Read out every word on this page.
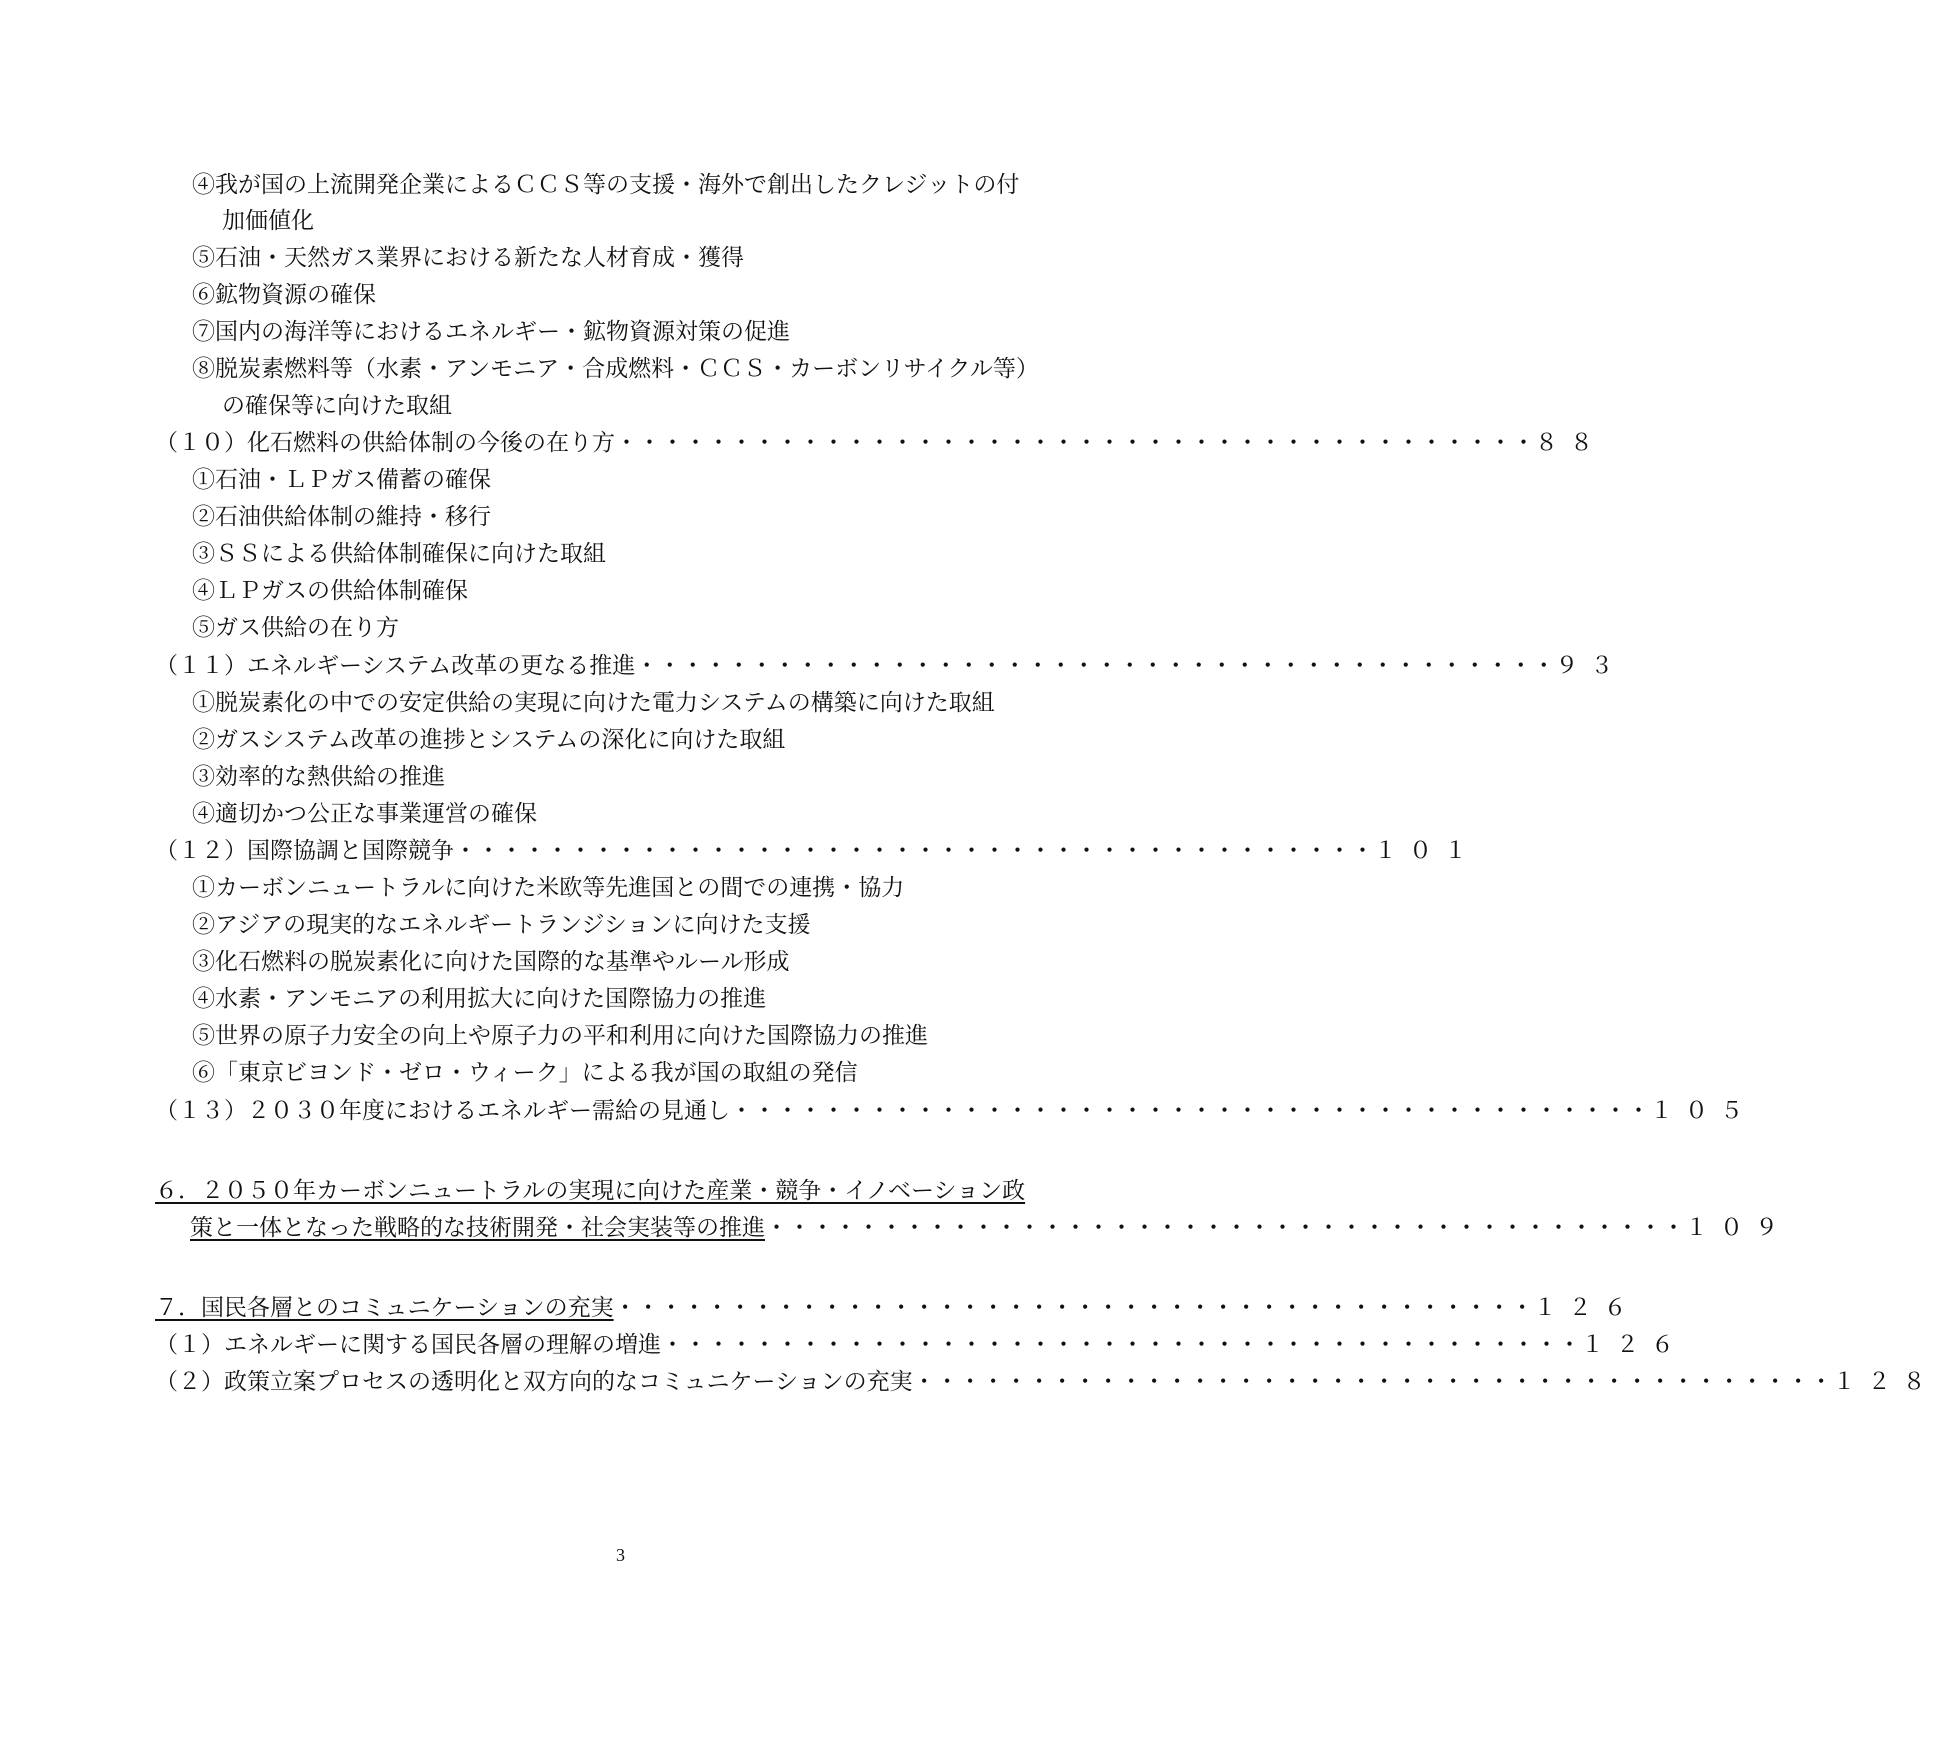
④我が国の上流開発企業によるＣＣＳ等の支援・海外で創出したクレジットの付
加価値化
⑤石油・天然ガス業界における新たな人材育成・獲得
⑥鉱物資源の確保
⑦国内の海洋等におけるエネルギー・鉱物資源対策の促進
⑧脱炭素燃料等（水素・アンモニア・合成燃料・ＣＣＳ・カーボンリサイクル等）
の確保等に向けた取組
（１０）化石燃料の供給体制の今後の在り方 ・・・・・・・・・・・・・・・・・・・・・・・・・・・・・・・・・・・・・・・・ ８８
①石油・ＬＰガス備蓄の確保
②石油供給体制の維持・移行
③ＳＳによる供給体制確保に向けた取組
④ＬＰガスの供給体制確保
⑤ガス供給の在り方
（１１）エネルギーシステム改革の更なる推進 ・・・・・・・・・・・・・・・・・・・・・・・・・・・・・・・・・・・・・・・・ ９３
①脱炭素化の中での安定供給の実現に向けた電力システムの構築に向けた取組
②ガスシステム改革の進捗とシステムの深化に向けた取組
③効率的な熱供給の推進
④適切かつ公正な事業運営の確保
（１２）国際協調と国際競争 ・・・・・・・・・・・・・・・・・・・・・・・・・・・・・・・・・・・・・・・・ １０１
①カーボンニュートラルに向けた米欧等先進国との間での連携・協力
②アジアの現実的なエネルギートランジションに向けた支援
③化石燃料の脱炭素化に向けた国際的な基準やルール形成
④水素・アンモニアの利用拡大に向けた国際協力の推進
⑤世界の原子力安全の向上や原子力の平和利用に向けた国際協力の推進
⑥「東京ビヨンド・ゼロ・ウィーク」による我が国の取組の発信
（１３）２０３０年度におけるエネルギー需給の見通し ・・・・・・・・・・・・・・・・・・・・・・・・・・・・・・・・・・・・・・・・ １０５
６．２０５０年カーボンニュートラルの実現に向けた産業・競争・イノベーション政
策と一体となった戦略的な技術開発・社会実装等の推進 ・・・・・・・・・・・・・・・・・・・・・・・・・・・・・・・・・・・・・・・・ １０９
７．国民各層とのコミュニケーションの充実 ・・・・・・・・・・・・・・・・・・・・・・・・・・・・・・・・・・・・・・・・ １２６
（１）エネルギーに関する国民各層の理解の増進 ・・・・・・・・・・・・・・・・・・・・・・・・・・・・・・・・・・・・・・・・ １２６
（２）政策立案プロセスの透明化と双方向的なコミュニケーションの充実 ・・・・・・・・・・・・・・・・・・・・・・・・・・・・・・・・・・・・・・・・ １２８
3
